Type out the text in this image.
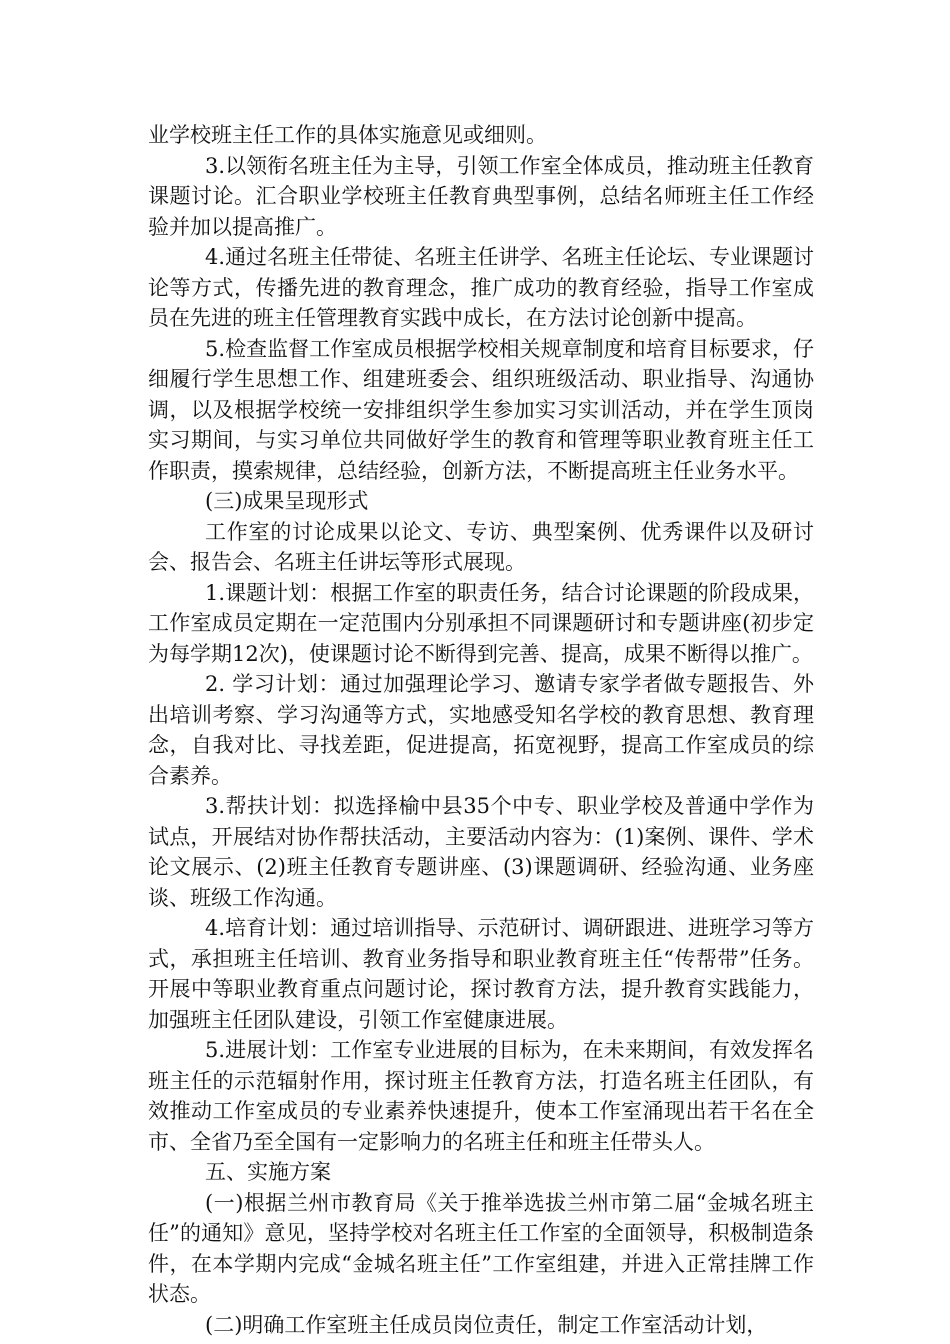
业学校班主任工作的具体实施意见或细则。

3.以领衔名班主任为主导，引领工作室全体成员，推动班主任教育课题讨论。汇合职业学校班主任教育典型事例，总结名师班主任工作经验并加以提高推广。

4.通过名班主任带徒、名班主任讲学、名班主任论坛、专业课题讨论等方式，传播先进的教育理念，推广成功的教育经验，指导工作室成员在先进的班主任管理教育实践中成长，在方法讨论创新中提高。

5.检查监督工作室成员根据学校相关规章制度和培育目标要求，仔细履行学生思想工作、组建班委会、组织班级活动、职业指导、沟通协调，以及根据学校统一安排组织学生参加实习实训活动，并在学生顶岗实习期间，与实习单位共同做好学生的教育和管理等职业教育班主任工作职责，摸索规律，总结经验，创新方法，不断提高班主任业务水平。

(三)成果呈现形式

工作室的讨论成果以论文、专访、典型案例、优秀课件以及研讨会、报告会、名班主任讲坛等形式展现。

1.课题计划：根据工作室的职责任务，结合讨论课题的阶段成果，工作室成员定期在一定范围内分别承担不同课题研讨和专题讲座(初步定为每学期12次)，使课题讨论不断得到完善、提高，成果不断得以推广。

2. 学习计划：通过加强理论学习、邀请专家学者做专题报告、外出培训考察、学习沟通等方式，实地感受知名学校的教育思想、教育理念，自我对比、寻找差距，促进提高，拓宽视野，提高工作室成员的综合素养。

3.帮扶计划：拟选择榆中县35个中专、职业学校及普通中学作为试点，开展结对协作帮扶活动，主要活动内容为：(1)案例、课件、学术论文展示、(2)班主任教育专题讲座、(3)课题调研、经验沟通、业务座谈、班级工作沟通。

4.培育计划：通过培训指导、示范研讨、调研跟进、进班学习等方式，承担班主任培训、教育业务指导和职业教育班主任“传帮带”任务。开展中等职业教育重点问题讨论，探讨教育方法，提升教育实践能力，加强班主任团队建设，引领工作室健康进展。

5.进展计划：工作室专业进展的目标为，在未来期间，有效发挥名班主任的示范辐射作用，探讨班主任教育方法，打造名班主任团队，有效推动工作室成员的专业素养快速提升，使本工作室涌现出若干名在全市、全省乃至全国有一定影响力的名班主任和班主任带头人。

五、实施方案

(一)根据兰州市教育局《关于推举选拔兰州市第二届“金城名班主任”的通知》意见，坚持学校对名班主任工作室的全面领导，积极制造条件，在本学期内完成“金城名班主任”工作室组建，并进入正常挂牌工作状态。

(二)明确工作室班主任成员岗位责任，制定工作室活动计划，
